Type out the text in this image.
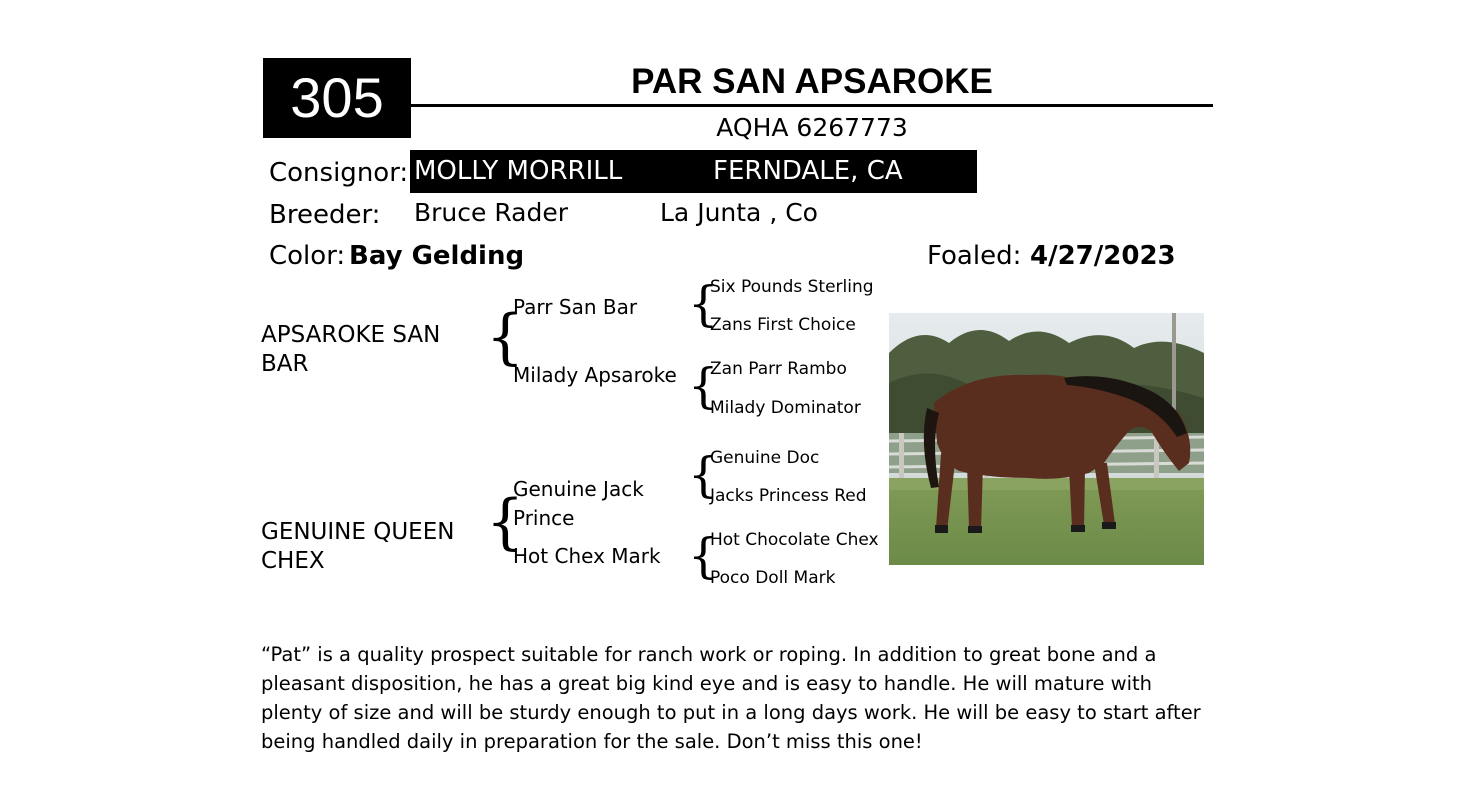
305	PAR SAN APSAROKE
AQHA 6267773
Consignor: MOLLY MORRILL	FERNDALE, CA
Breeder: Bruce Rader	La Junta , Co
Color: Bay Gelding	Foaled: 4/27/2023
APSAROKE SAN BAR	{
Parr San Bar
Milady Apsaroke
{
Six Pounds Sterling
Zans First Choice
{
Zan Parr Rambo
Milady Dominator
GENUINE QUEEN CHEX
{
Genuine Jack Prince
Hot Chex Mark
{
Genuine Doc
Jacks Princess Red
{
Hot Chocolate Chex
Poco Doll Mark
“Pat” is a quality prospect suitable for ranch work or roping. In addition to great bone and a pleasant disposition, he has a great big kind eye and is easy to handle. He will mature with plenty of size and will be sturdy enough to put in a long days work. He will be easy to start after being handled daily in preparation for the sale. Don’t miss this one!
